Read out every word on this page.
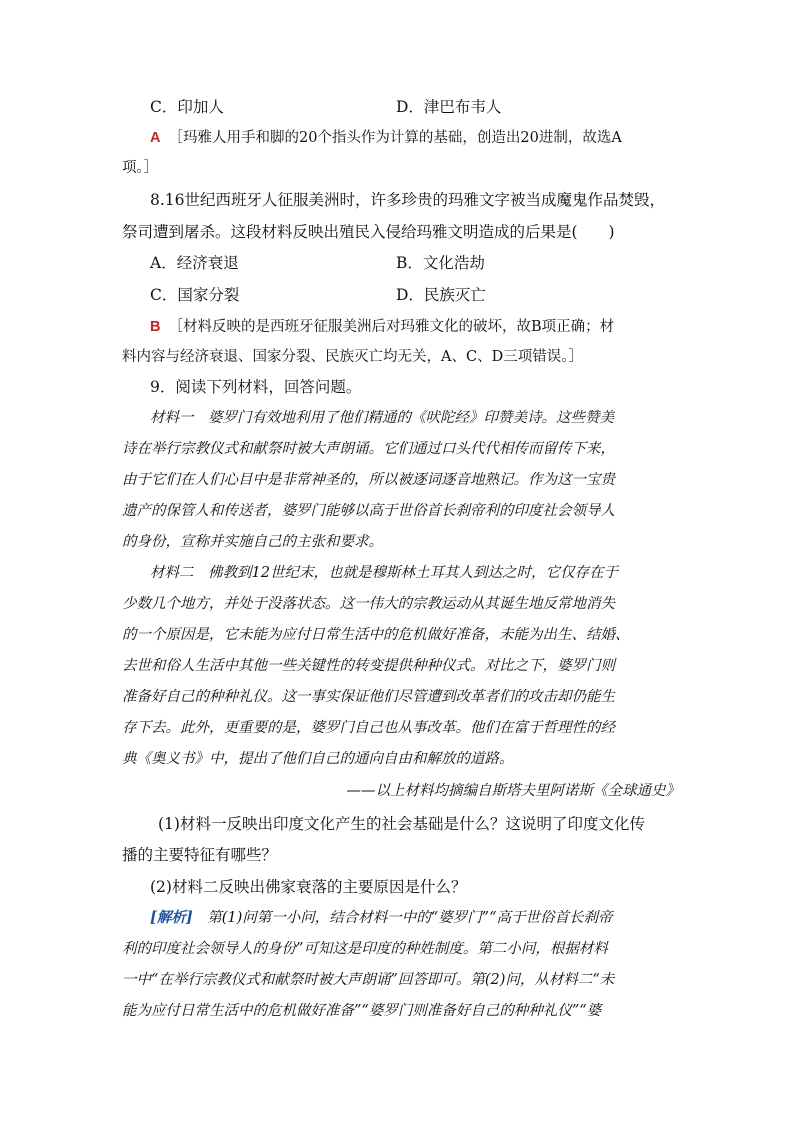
C．印加人	D．津巴布韦人
A ［玛雅人用手和脚的20个指头作为计算的基础，创造出20进制，故选A
项。］
8.16世纪西班牙人征服美洲时，许多珍贵的玛雅文字被当成魔鬼作品焚毁，
祭司遭到屠杀。这段材料反映出殖民入侵给玛雅文明造成的后果是(　　)
A．经济衰退	B．文化浩劫
C．国家分裂	D．民族灭亡
B ［材料反映的是西班牙征服美洲后对玛雅文化的破坏，故B项正确；材
料内容与经济衰退、国家分裂、民族灭亡均无关，A、C、D三项错误。］
9．阅读下列材料，回答问题。
材料一　婆罗门有效地利用了他们精通的《吠陀经》印赞美诗。这些赞美
诗在举行宗教仪式和献祭时被大声朗诵。它们通过口头代代相传而留传下来，
由于它们在人们心目中是非常神圣的，所以被逐词逐音地熟记。作为这一宝贵
遗产的保管人和传送者，婆罗门能够以高于世俗首长刹帝利的印度社会领导人
的身份，宣称并实施自己的主张和要求。
材料二　佛教到12世纪末，也就是穆斯林土耳其人到达之时，它仅存在于
少数几个地方，并处于没落状态。这一伟大的宗教运动从其诞生地反常地消失
的一个原因是，它未能为应付日常生活中的危机做好准备，未能为出生、结婚、
去世和俗人生活中其他一些关键性的转变提供种种仪式。对比之下，婆罗门则
准备好自己的种种礼仪。这一事实保证他们尽管遭到改革者们的攻击却仍能生
存下去。此外，更重要的是，婆罗门自己也从事改革。他们在富于哲理性的经
典《奥义书》中，提出了他们自己的通向自由和解放的道路。
——以上材料均摘编自斯塔夫里阿诺斯《全球通史》
(1)材料一反映出印度文化产生的社会基础是什么？这说明了印度文化传
播的主要特征有哪些？
(2)材料二反映出佛家衰落的主要原因是什么？
[解析]　第(1)问第一小问，结合材料一中的“婆罗门”“高于世俗首长刹帝
利的印度社会领导人的身份”可知这是印度的种姓制度。第二小问，根据材料
一中“在举行宗教仪式和献祭时被大声朗诵”回答即可。第(2)问，从材料二“未
能为应付日常生活中的危机做好准备”“婆罗门则准备好自己的种种礼仪”“婆
